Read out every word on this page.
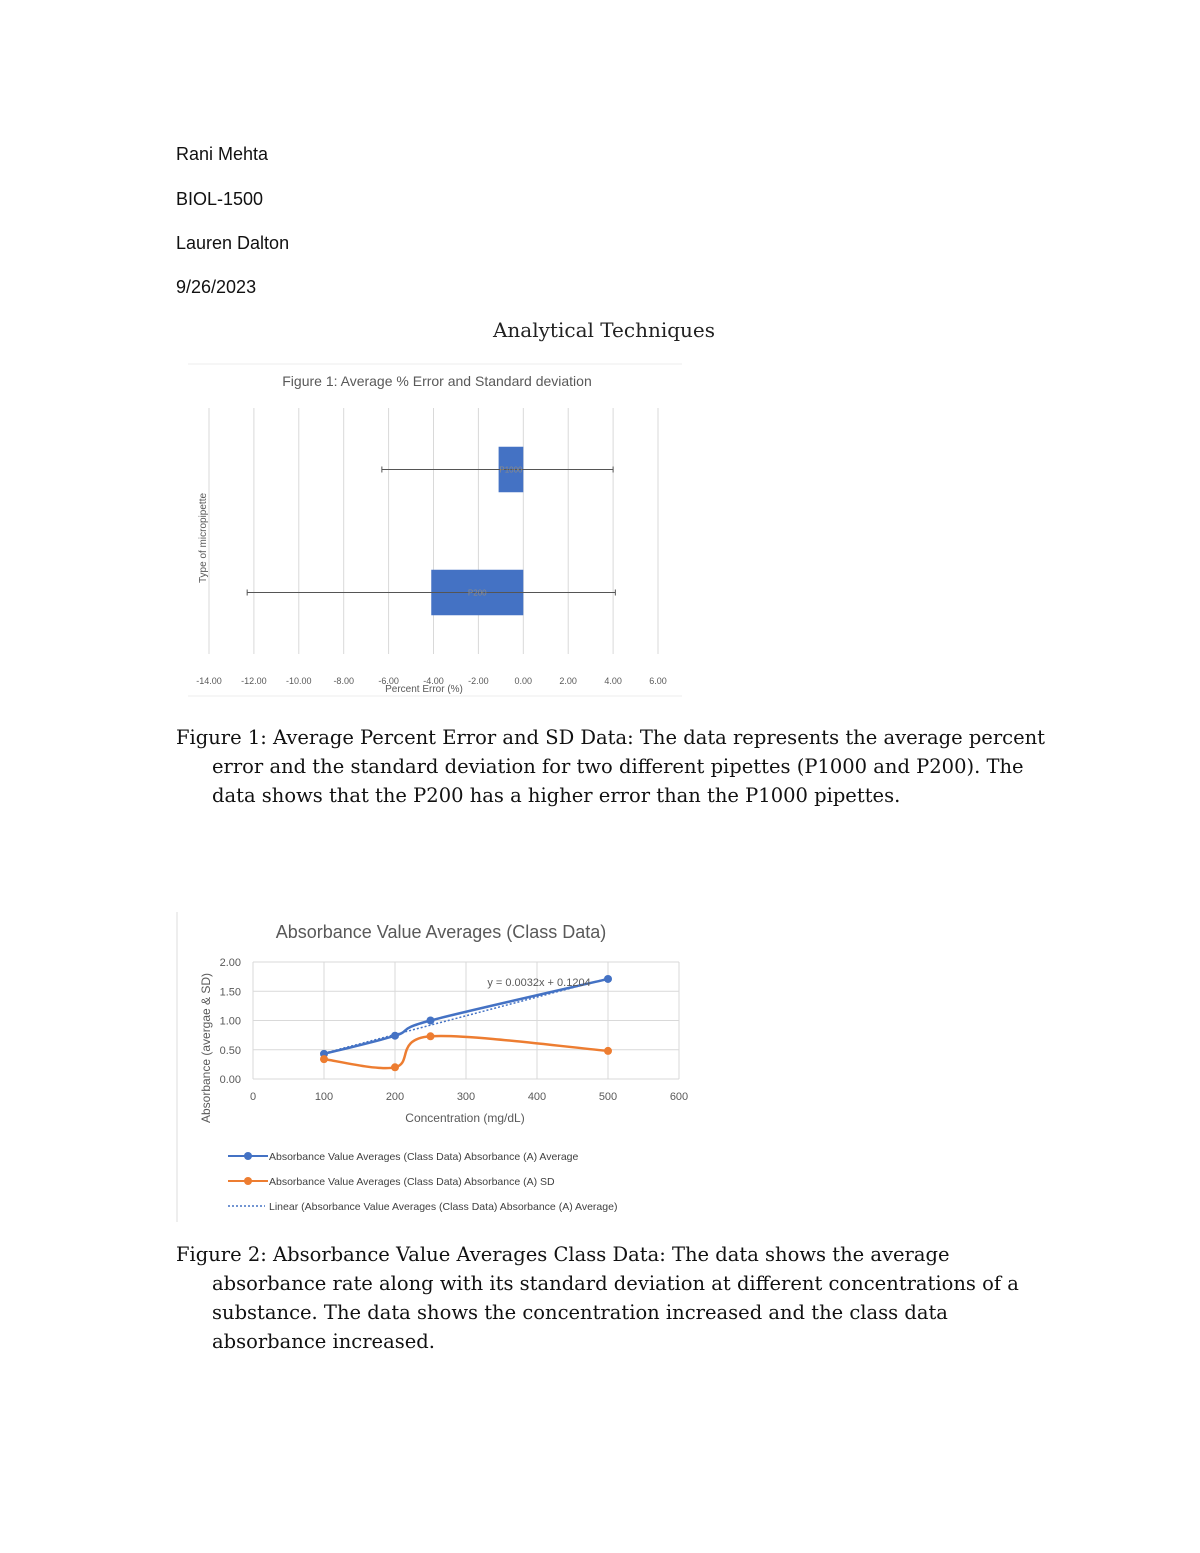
Rani Mehta
BIOL-1500
Lauren Dalton
9/26/2023
Analytical Techniques
Figure 1: Average % Error and Standard deviation
Type of micropipette
-14.00 -12.00 -10.00 -8.00	-6.00	-4.00	-2.00	0.00	2.00	4.00	6.00
P1000
P200
Percent Error (%)
Figure 1: Average Percent Error and SD Data: The data represents the average percent error and the standard deviation for two different pipettes (P1000 and P200). The data shows that the P200 has a higher error than the P1000 pipettes.
Absorbance Value Averages (Class Data)
Absorbance (avergae & SD)	0	100	200	300	400	500	600
0.00
0.50
1.00
1.50
2.00
y = 0.0032x + 0.1204
Concentration (mg/dL)
Absorbance Value Averages (Class Data) Absorbance (A) Average
Absorbance Value Averages (Class Data) Absorbance (A) SD
Linear (Absorbance Value Averages (Class Data) Absorbance (A) Average)
Figure 2: Absorbance Value Averages Class Data: The data shows the average absorbance rate along with its standard deviation at different concentrations of a substance. The data shows the concentration increased and the class data absorbance increased.
